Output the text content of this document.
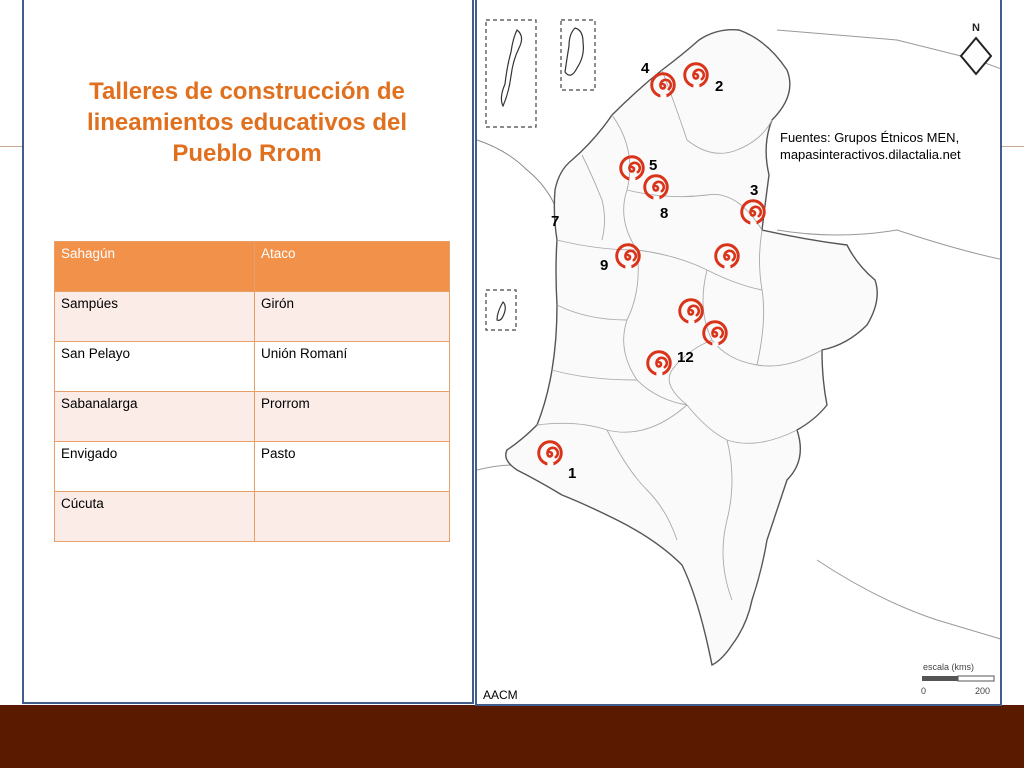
Talleres de construcción de lineamientos educativos del Pueblo Rrom
Sahagún	Ataco
Sampúes	Girón
San Pelayo	Unión Romaní
Sabanalarga	Prorrom
Envigado	Pasto
Cúcuta	
N
escala (kms)
0	200
4
2
5
3
8
7
9
12
1
Fuentes: Grupos Étnicos MEN,
mapasinteractivos.dilactalia.net
AACM
